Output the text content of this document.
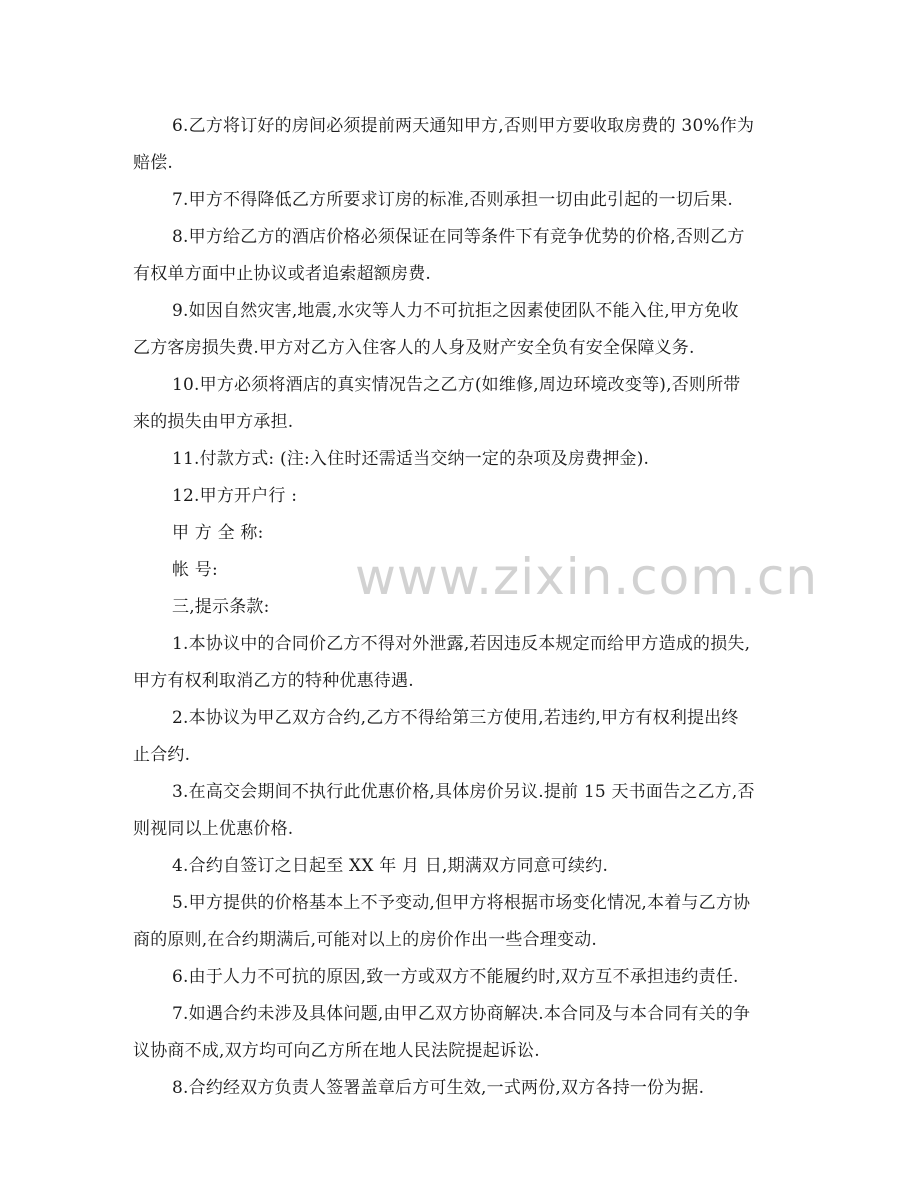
www.zixin.com.cn
6.乙方将订好的房间必须提前两天通知甲方,否则甲方要收取房费的 30%作为
赔偿.
7.甲方不得降低乙方所要求订房的标准,否则承担一切由此引起的一切后果.
8.甲方给乙方的酒店价格必须保证在同等条件下有竞争优势的价格,否则乙方
有权单方面中止协议或者追索超额房费.
9.如因自然灾害,地震,水灾等人力不可抗拒之因素使团队不能入住,甲方免收
乙方客房损失费.甲方对乙方入住客人的人身及财产安全负有安全保障义务.
10.甲方必须将酒店的真实情况告之乙方(如维修,周边环境改变等),否则所带
来的损失由甲方承担.
11.付款方式: (注:入住时还需适当交纳一定的杂项及房费押金).
12.甲方开户行 :
甲 方 全 称:
帐 号:
三,提示条款:
1.本协议中的合同价乙方不得对外泄露,若因违反本规定而给甲方造成的损失,
甲方有权利取消乙方的特种优惠待遇.
2.本协议为甲乙双方合约,乙方不得给第三方使用,若违约,甲方有权利提出终
止合约.
3.在高交会期间不执行此优惠价格,具体房价另议.提前 15 天书面告之乙方,否
则视同以上优惠价格.
4.合约自签订之日起至 XX 年 月 日,期满双方同意可续约.
5.甲方提供的价格基本上不予变动,但甲方将根据市场变化情况,本着与乙方协
商的原则,在合约期满后,可能对以上的房价作出一些合理变动.
6.由于人力不可抗的原因,致一方或双方不能履约时,双方互不承担违约责任.
7.如遇合约未涉及具体问题,由甲乙双方协商解决.本合同及与本合同有关的争
议协商不成,双方均可向乙方所在地人民法院提起诉讼.
8.合约经双方负责人签署盖章后方可生效,一式两份,双方各持一份为据.
